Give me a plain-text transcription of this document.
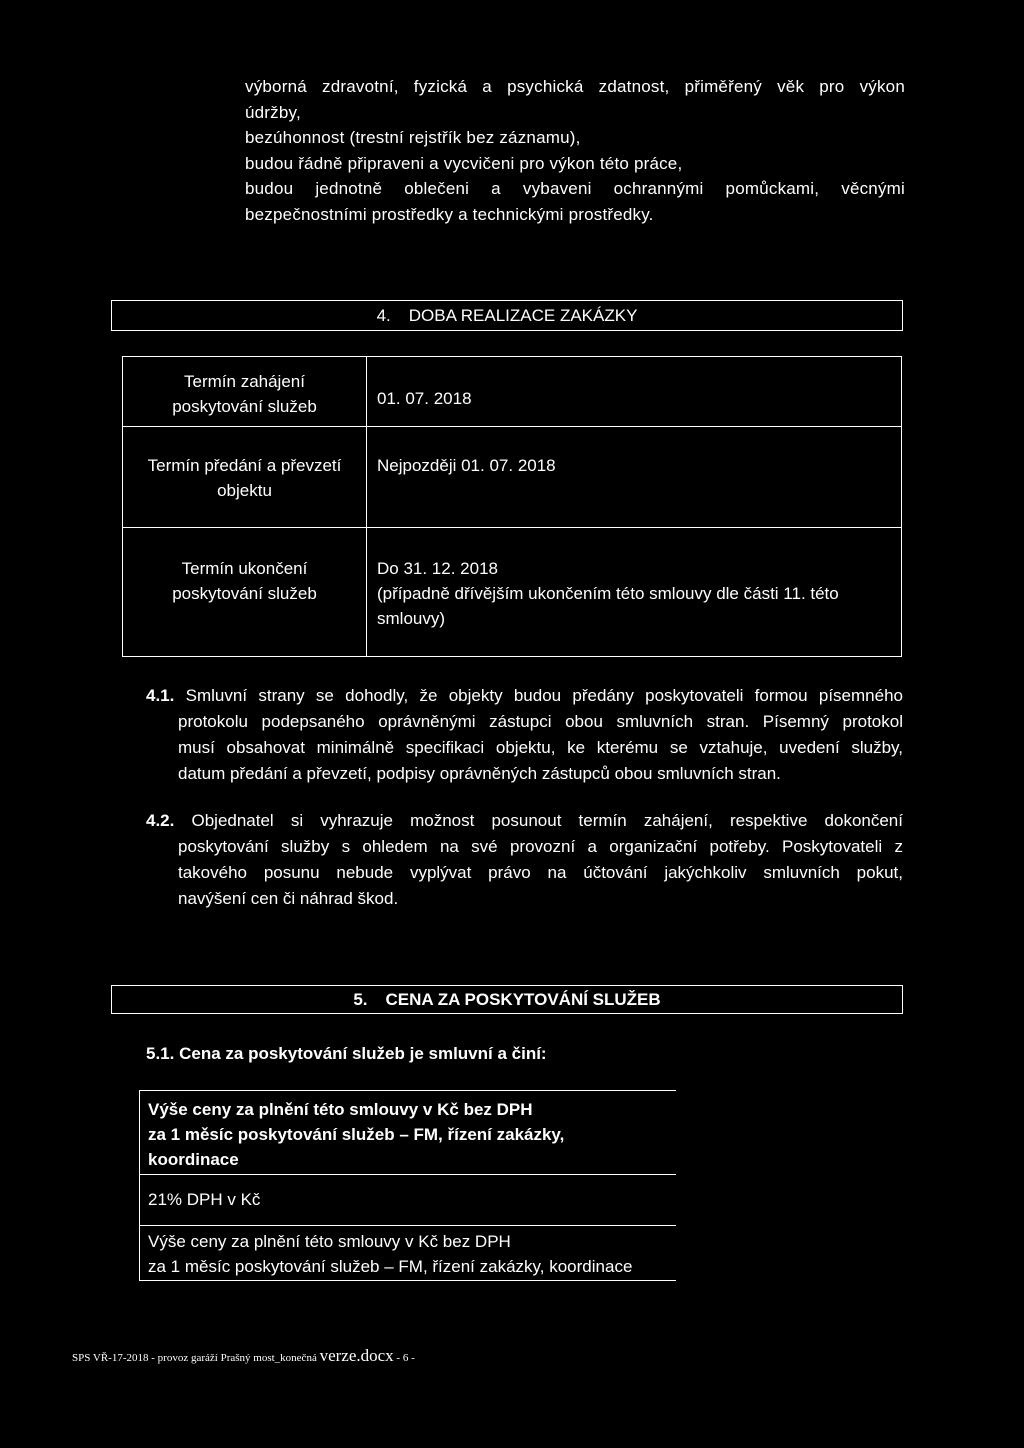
výborná zdravotní, fyzická a psychická zdatnost, přiměřený věk pro výkon

údržby,

bezúhonnost (trestní rejstřík bez záznamu),

budou řádně připraveni a vycvičeni pro výkon této práce,

budou jednotně oblečeni a vybaveni ochrannými pomůckami, věcnými

bezpečnostními prostředky a technickými prostředky.

4. DOBA REALIZACE ZAKÁZKY
Termín zahájení poskytování služeb	01. 07. 2018

Termín předání a převzetí objektu	Nejpozději 01. 07. 2018

Termín ukončení poskytování služeb	Do 31. 12. 2018
(případně dřívějším ukončením této smlouvy dle části 11. této smlouvy)
4.1. Smluvní strany se dohodly, že objekty budou předány poskytovateli formou písemného
protokolu podepsaného oprávněnými zástupci obou smluvních stran. Písemný protokol
musí obsahovat minimálně specifikaci objektu, ke kterému se vztahuje, uvedení služby,
datum předání a převzetí, podpisy oprávněných zástupců obou smluvních stran.
4.2. Objednatel si vyhrazuje možnost posunout termín zahájení, respektive dokončení
poskytování služby s ohledem na své provozní a organizační potřeby. Poskytovateli z
takového posunu nebude vyplývat právo na účtování jakýchkoliv smluvních pokut,
navýšení cen či náhrad škod.
5. CENA ZA POSKYTOVÁNÍ SLUŽEB
5.1. Cena za poskytování služeb je smluvní a činí:
Výše ceny za plnění této smlouvy v Kč bez DPH
za 1 měsíc poskytování služeb – FM, řízení zakázky,
koordinace
21% DPH v Kč
Výše ceny za plnění této smlouvy v Kč bez DPH
za 1 měsíc poskytování služeb – FM, řízení zakázky, koordinace
SPS VŘ-17-2018 - provoz garáží Prašný most_konečná verze.docx - 6 -
